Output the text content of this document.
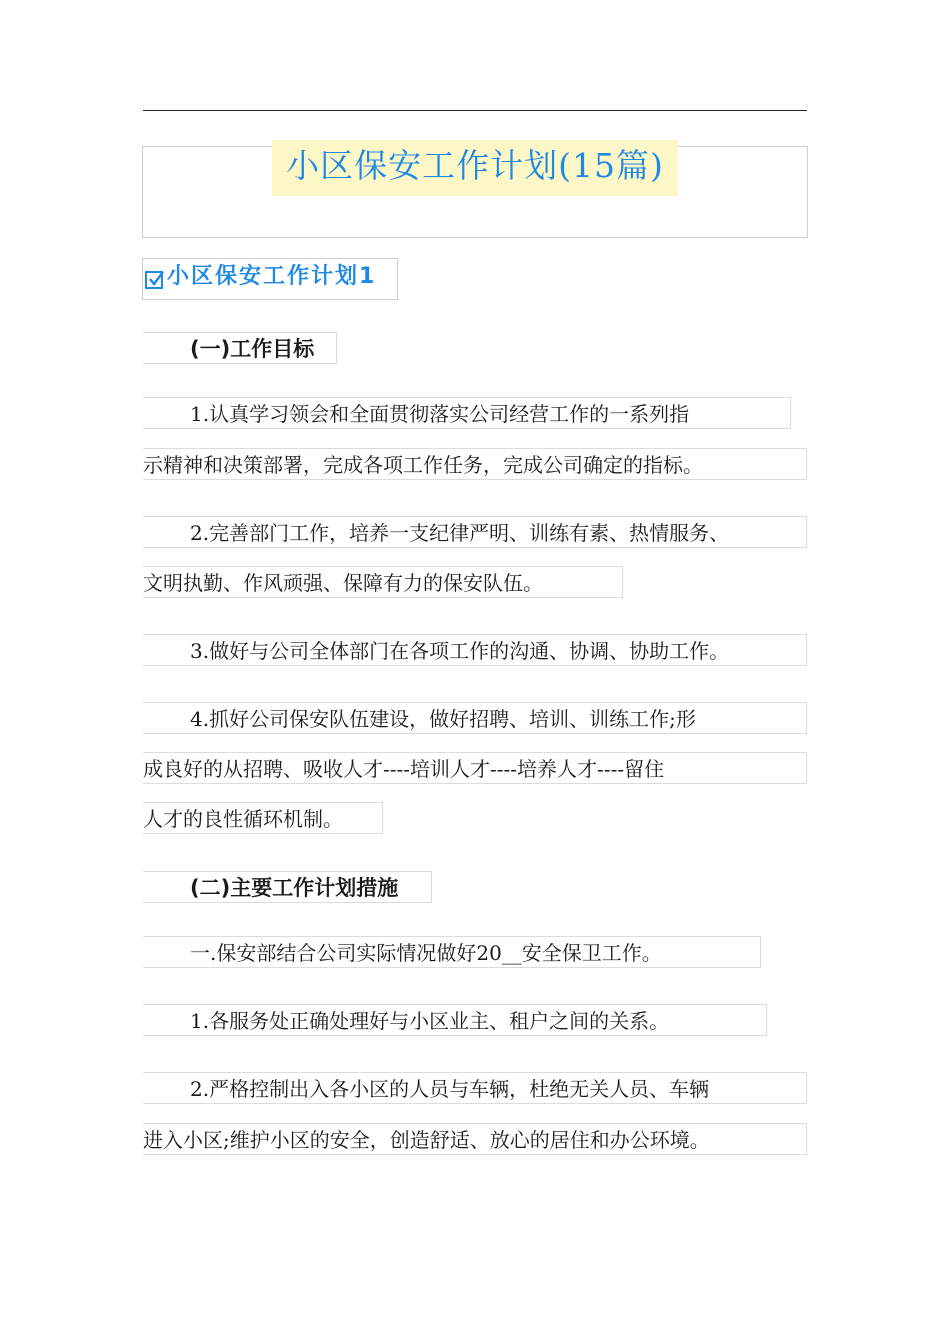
小区保安工作计划(15篇)
小区保安工作计划1
(一)工作目标
1.认真学习领会和全面贯彻落实公司经营工作的一系列指
示精神和决策部署，完成各项工作任务，完成公司确定的指标。
2.完善部门工作，培养一支纪律严明、训练有素、热情服务、
文明执勤、作风顽强、保障有力的保安队伍。
3.做好与公司全体部门在各项工作的沟通、协调、协助工作。
4.抓好公司保安队伍建设，做好招聘、培训、训练工作;形
成良好的从招聘、吸收人才----培训人才----培养人才----留住
人才的良性循环机制。
(二)主要工作计划措施
一.保安部结合公司实际情况做好20__安全保卫工作。
1.各服务处正确处理好与小区业主、租户之间的关系。
2.严格控制出入各小区的人员与车辆，杜绝无关人员、车辆
进入小区;维护小区的安全，创造舒适、放心的居住和办公环境。
